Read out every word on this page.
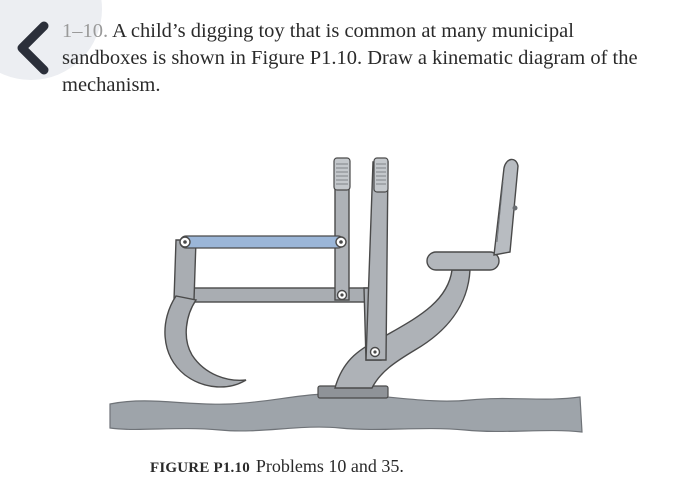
1–10. A child’s digging toy that is common at many municipal sandboxes is shown in Figure P1.10. Draw a kinematic diagram of the mechanism.
FIGURE P1.10 Problems 10 and 35.
